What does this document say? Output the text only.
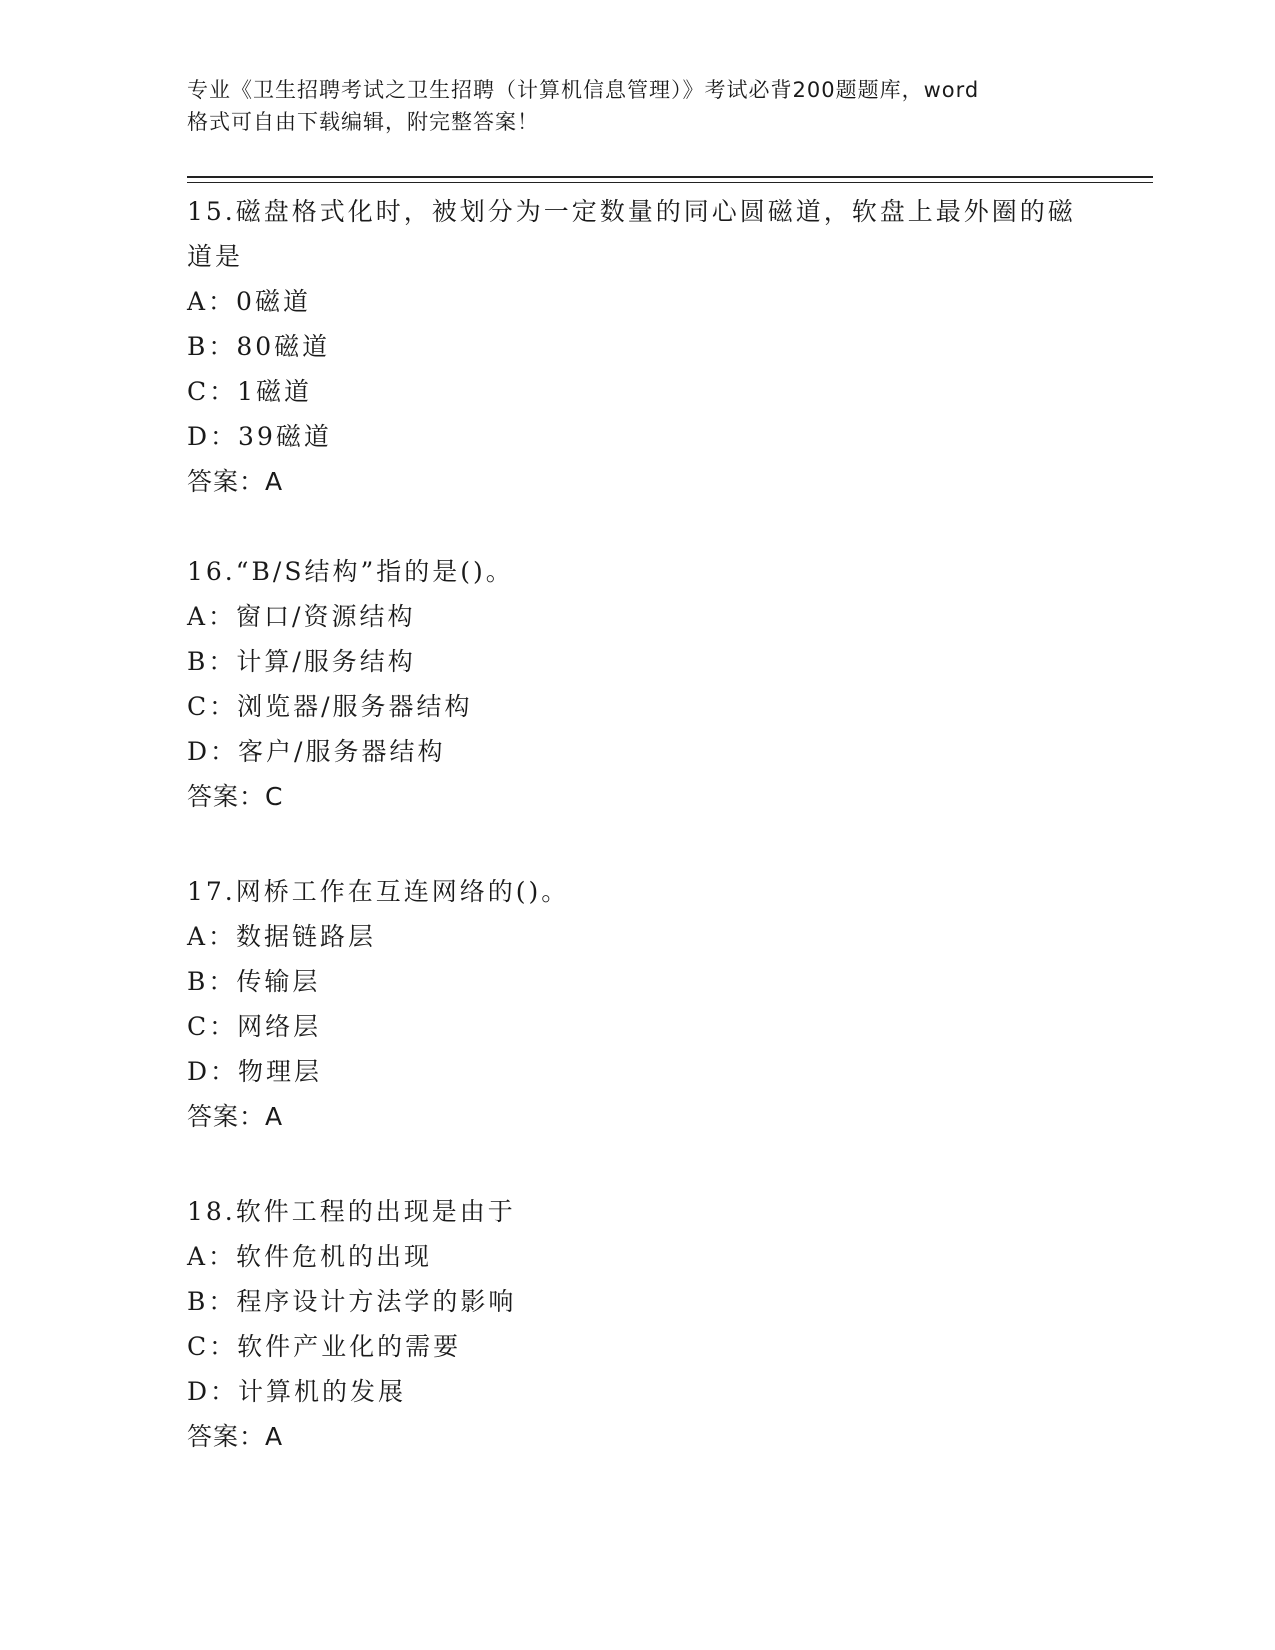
专业《卫生招聘考试之卫生招聘（计算机信息管理）》考试必背200题题库，word
格式可自由下载编辑，附完整答案！

15.磁盘格式化时，被划分为一定数量的同心圆磁道，软盘上最外圈的磁道是

A：0磁道

B：80磁道

C：1磁道

D：39磁道

答案：A

16.“B/S结构”指的是()。

A：窗口/资源结构

B：计算/服务结构

C：浏览器/服务器结构

D：客户/服务器结构

答案：C

17.网桥工作在互连网络的()。

A：数据链路层

B：传输层

C：网络层

D：物理层

答案：A

18.软件工程的出现是由于

A：软件危机的出现

B：程序设计方法学的影响

C：软件产业化的需要

D：计算机的发展

答案：A
